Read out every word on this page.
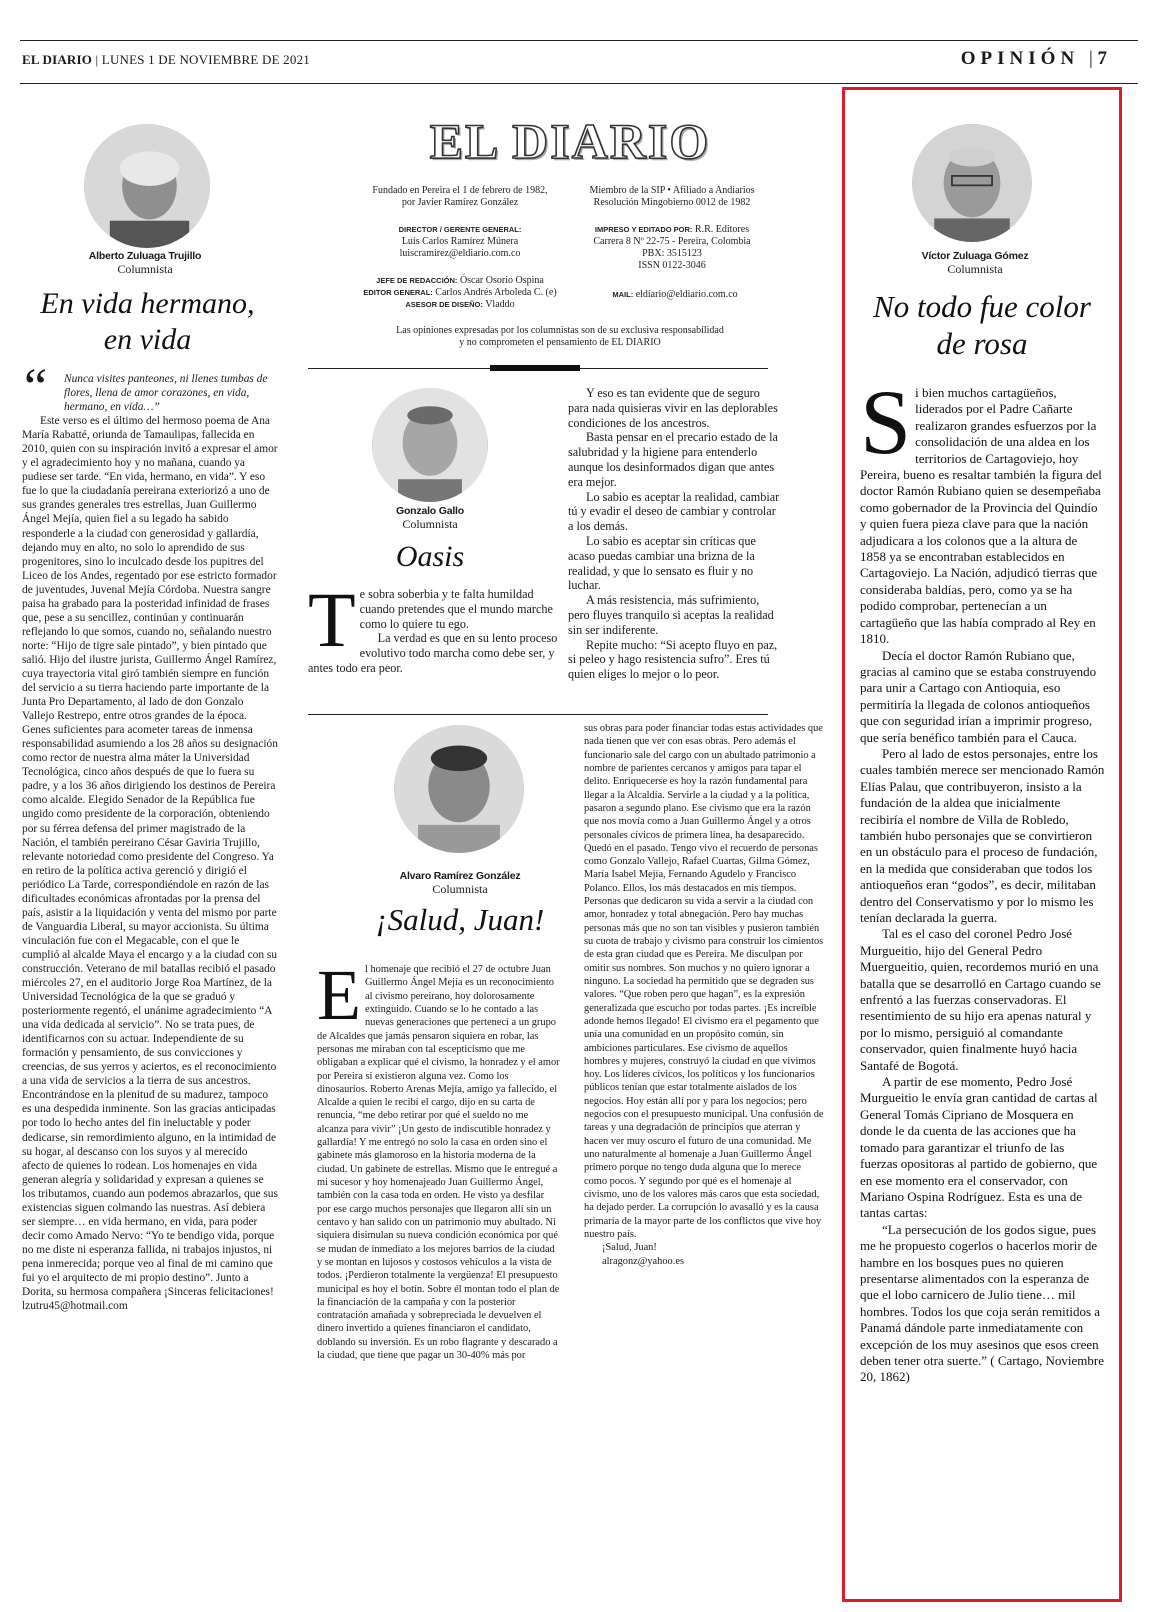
EL DIARIO | LUNES 1 DE NOVIEMBRE DE 2021	OPINIÓN | 7
Alberto Zuluaga Trujillo
Columnista
En vida hermano,
en vida

“ Nunca visites panteones, ni llenes tumbas de flores, llena de amor corazones, en vida, hermano, en vida…”

Este verso es el último del hermoso poema de Ana María Rabatté, oriunda de Tamaulipas, fallecida en 2010, quien con su inspiración invitó a expresar el amor y el agradecimiento hoy y no mañana, cuando ya pudiese ser tarde. “En vida, hermano, en vida”. Y eso fue lo que la ciudadanía pereirana exteriorizó a uno de sus grandes generales tres estrellas, Juan Guillermo Ángel Mejía, quien fiel a su legado ha sabido responderle a la ciudad con generosidad y gallardía, dejando muy en alto, no solo lo aprendido de sus progenitores, sino lo inculcado desde los pupitres del Liceo de los Andes, regentado por ese estricto formador de juventudes, Juvenal Mejía Córdoba. Nuestra sangre paisa ha grabado para la posteridad infinidad de frases que, pese a su sencillez, continúan y continuarán reflejando lo que somos, cuando no, señalando nuestro norte: “Hijo de tigre sale pintado”, y bien pintado que salió. Hijo del ilustre jurista, Guillermo Ángel Ramírez, cuya trayectoria vital giró también siempre en función del servicio a su tierra haciendo parte importante de la Junta Pro Departamento, al lado de don Gonzalo Vallejo Restrepo, entre otros grandes de la época. Genes suficientes para acometer tareas de inmensa responsabilidad asumiendo a los 28 años su designación como rector de nuestra alma máter la Universidad Tecnológica, cinco años después de que lo fuera su padre, y a los 36 años dirigiendo los destinos de Pereira como alcalde. Elegido Senador de la República fue ungido como presidente de la corporación, obteniendo por su férrea defensa del primer magistrado de la Nación, el también pereirano César Gaviria Trujillo, relevante notoriedad como presidente del Congreso. Ya en retiro de la política activa gerenció y dirigió el periódico La Tarde, correspondiéndole en razón de las dificultades económicas afrontadas por la prensa del país, asistir a la liquidación y venta del mismo por parte de Vanguardia Liberal, su mayor accionista. Su última vinculación fue con el Megacable, con el que le cumplió al alcalde Maya el encargo y a la ciudad con su construcción. Veterano de mil batallas recibió el pasado miércoles 27, en el auditorio Jorge Roa Martínez, de la Universidad Tecnológica de la que se graduó y posteriormente regentó, el unánime agradecimiento “A una vida dedicada al servicio”. No se trata pues, de identificarnos con su actuar. Independiente de su formación y pensamiento, de sus convicciones y creencias, de sus yerros y aciertos, es el reconocimiento a una vida de servicios a la tierra de sus ancestros. Encontrándose en la plenitud de su madurez, tampoco es una despedida inminente. Son las gracias anticipadas por todo lo hecho antes del fin ineluctable y poder dedicarse, sin remordimiento alguno, en la intimidad de su hogar, al descanso con los suyos y al merecido afecto de quienes lo rodean. Los homenajes en vida generan alegría y solidaridad y expresan a quienes se los tributamos, cuando aun podemos abrazarlos, que sus existencias siguen colmando las nuestras. Así debiera ser siempre… en vida hermano, en vida, para poder decir como Amado Nervo: “Yo te bendigo vida, porque no me diste ni esperanza fallida, ni trabajos injustos, ni pena inmerecida; porque veo al final de mi camino que fui yo el arquitecto de mi propio destino”. Junto a Dorita, su hermosa compañera ¡Sinceras felicitaciones!

lzutru45@hotmail.com

EL DIARIO
Fundado en Pereira el 1 de febrero de 1982,
por Javier Ramírez González
Miembro de la SIP • Afiliado a Andiarios
Resolución Mingobierno 0012 de 1982
DIRECTOR / GERENTE GENERAL:
Luis Carlos Ramírez Múnera
luiscramirez@eldiario.com.co
IMPRESO Y EDITADO POR: R.R. Editores
Carrera 8 Nº 22-75 - Pereira, Colombia
PBX: 3515123
ISSN 0122-3046
JEFE DE REDACCIÓN: Óscar Osorio Ospina
EDITOR GENERAL: Carlos Andrés Arboleda C. (e)
ASESOR DE DISEÑO: Vladdo
MAIL: eldiario@eldiario.com.co
Las opiniones expresadas por los columnistas son de su exclusiva responsabilidad
y no comprometen el pensamiento de EL DIARIO
Gonzalo Gallo
Columnista
Oasis

Te sobra soberbia y te falta humildad cuando pretendes que el mundo marche como lo quiere tu ego.

La verdad es que en su lento proceso evolutivo todo marcha como debe ser, y antes todo era peor.

Y eso es tan evidente que de seguro para nada quisieras vivir en las deplorables condiciones de los ancestros.

Basta pensar en el precario estado de la salubridad y la higiene para entenderlo aunque los desinformados digan que antes era mejor.

Lo sabio es aceptar la realidad, cambiar tú y evadir el deseo de cambiar y controlar a los demás.

Lo sabio es aceptar sin críticas que acaso puedas cambiar una brizna de la realidad, y que lo sensato es fluir y no luchar.

A más resistencia, más sufrimiento, pero fluyes tranquilo si aceptas la realidad sin ser indiferente.

Repite mucho: “Si acepto fluyo en paz, si peleo y hago resistencia sufro”. Eres tú quien eliges lo mejor o lo peor.

Alvaro Ramírez González
Columnista
¡Salud, Juan!

El homenaje que recibió el 27 de octubre Juan Guillermo Ángel Mejía es un reconocimiento al civismo pereirano, hoy dolorosamente extinguido. Cuando se lo he contado a las nuevas generaciones que pertenecí a un grupo de Alcaldes que jamás pensaron siquiera en robar, las personas me miraban con tal escepticismo que me obligaban a explicar qué el civismo, la honradez y el amor por Pereira si existieron alguna vez. Como los dinosaurios. Roberto Arenas Mejía, amigo ya fallecido, el Alcalde a quien le recibí el cargo, dijo en su carta de renuncia, “me debo retirar por qué el sueldo no me alcanza para vivir” ¡Un gesto de indiscutible honradez y gallardía! Y me entregó no solo la casa en orden sino el gabinete más glamoroso en la historia moderna de la ciudad. Un gabinete de estrellas. Mismo que le entregué a mi sucesor y hoy homenajeado Juan Guillermo Ángel, también con la casa toda en orden. He visto ya desfilar por ese cargo muchos personajes que llegaron allí sin un centavo y han salido con un patrimonio muy abultado. Ni siquiera disimulan su nueva condición económica por qué se mudan de inmediato a los mejores barrios de la ciudad y se montan en lujosos y costosos vehículos a la vista de todos. ¡Perdieron totalmente la vergüenza! El presupuesto municipal es hoy el botín. Sobre él montan todo el plan de la financiación de la campaña y con la posterior contratación amañada y sobrepreciada le devuelven el dinero invertido a quienes financiaron el candidato, doblando su inversión. Es un robo flagrante y descarado a la ciudad, que tiene que pagar un 30-40% más por

sus obras para poder financiar todas estas actividades que nada tienen que ver con esas obras. Pero además el funcionario sale del cargo con un abultado patrimonio a nombre de parientes cercanos y amigos para tapar el delito. Enriquecerse es hoy la razón fundamental para llegar a la Alcaldía. Servirle a la ciudad y a la política, pasaron a segundo plano. Ese civismo que era la razón que nos movía como a Juan Guillermo Ángel y a otros personales cívicos de primera línea, ha desaparecido. Quedó en el pasado. Tengo vivo el recuerdo de personas como Gonzalo Vallejo, Rafael Cuartas, Gilma Gómez, María Isabel Mejía, Fernando Agudelo y Francisco Polanco. Ellos, los más destacados en mis tiempos. Personas que dedicaron su vida a servir a la ciudad con amor, honradez y total abnegación. Pero hay muchas personas más que no son tan visibles y pusieron también su cuota de trabajo y civismo para construir los cimientos de esta gran ciudad que es Pereira. Me disculpan por omitir sus nombres. Son muchos y no quiero ignorar a ninguno. La sociedad ha permitido que se degraden sus valores. “Que roben pero que hagan”, es la expresión generalizada que escucho por todas partes. ¡Es increíble adonde hemos llegado! El civismo era el pegamento que unía una comunidad en un propósito común, sin ambiciones particulares. Ese civismo de aquellos hombres y mujeres, construyó la ciudad en que vivimos hoy. Los líderes cívicos, los políticos y los funcionarios públicos tenían que estar totalmente aislados de los negocios. Hoy están allí por y para los negocios; pero negocios con el presupuesto municipal. Una confusión de tareas y una degradación de principios que aterran y hacen ver muy oscuro el futuro de una comunidad. Me uno naturalmente al homenaje a Juan Guillermo Ángel primero porque no tengo duda alguna que lo merece como pocos. Y segundo por qué es el homenaje al civismo, uno de los valores más caros que esta sociedad, ha dejado perder. La corrupción lo avasalló y es la causa primaria de la mayor parte de los conflictos que vive hoy nuestro país.

¡Salud, Juan!

alragonz@yahoo.es

Víctor Zuluaga Gómez
Columnista
No todo fue color
de rosa

Si bien muchos cartagüeños, liderados por el Padre Cañarte realizaron grandes esfuerzos por la consolidación de una aldea en los territorios de Cartagoviejo, hoy Pereira, bueno es resaltar también la figura del doctor Ramón Rubiano quien se desempeñaba como gobernador de la Provincia del Quindío y quien fuera pieza clave para que la nación adjudicara a los colonos que a la altura de 1858 ya se encontraban establecidos en Cartagoviejo. La Nación, adjudicó tierras que consideraba baldías, pero, como ya se ha podido comprobar, pertenecían a un cartagüeño que las había comprado al Rey en 1810.

Decía el doctor Ramón Rubiano que, gracias al camino que se estaba construyendo para unir a Cartago con Antioquia, eso permitiría la llegada de colonos antioqueños que con seguridad irían a imprimir progreso, que sería benéfico también para el Cauca.

Pero al lado de estos personajes, entre los cuales también merece ser mencionado Ramón Elías Palau, que contribuyeron, insisto a la fundación de la aldea que inicialmente recibiría el nombre de Villa de Robledo, también hubo personajes que se convirtieron en un obstáculo para el proceso de fundación, en la medida que consideraban que todos los antioqueños eran “godos”, es decir, militaban dentro del Conservatismo y por lo mismo les tenían declarada la guerra.

Tal es el caso del coronel Pedro José Murgueitio, hijo del General Pedro Muergueitio, quien, recordemos murió en una batalla que se desarrolló en Cartago cuando se enfrentó a las fuerzas conservadoras. El resentimiento de su hijo era apenas natural y por lo mismo, persiguió al comandante conservador, quien finalmente huyó hacia Santafé de Bogotá.

A partir de ese momento, Pedro José Murgueitio le envía gran cantidad de cartas al General Tomás Cipriano de Mosquera en donde le da cuenta de las acciones que ha tomado para garantizar el triunfo de las fuerzas opositoras al partido de gobierno, que en ese momento era el conservador, con Mariano Ospina Rodríguez. Esta es una de tantas cartas:

“La persecución de los godos sigue, pues me he propuesto cogerlos o hacerlos morir de hambre en los bosques pues no quieren presentarse alimentados con la esperanza de que el lobo carnicero de Julio tiene… mil hombres. Todos los que coja serán remitidos a Panamá dándole parte inmediatamente con excepción de los muy asesinos que esos creen deben tener otra suerte.” ( Cartago, Noviembre 20, 1862)
